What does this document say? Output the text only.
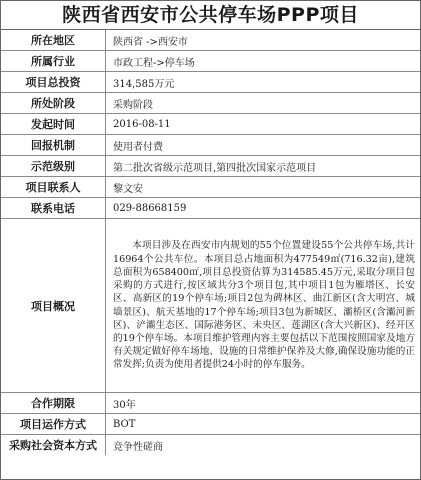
陕西省西安市公共停车场PPP项目
所在地区	陕西省 ->西安市
所属行业	市政工程->停车场
项目总投资	314,585万元
所处阶段	采购阶段
发起时间	2016-08-11
回报机制	使用者付费
示范级别	第二批次省级示范项目,第四批次国家示范项目
项目联系人	黎文安
联系电话	029-88668159
项目概况	本项目涉及在西安市内规划的55个位置建设55个公共停车场,共计16964个公共车位。本项目总占地面积为477549㎡(716.32亩),建筑总面积为658400㎡,项目总投资估算为314585.45万元,采取分项目包采购的方式进行,按区域共分3个项目包,其中项目1包为雁塔区、长安区、高新区的19个停车场;项目2包为碑林区、曲江新区(含大明宫、城墙景区)、航天基地的17个停车场;项目3包为新城区、灞桥区(含灞河新区)、浐灞生态区、国际港务区、未央区、莲湖区(含大兴新区)、经开区的19个停车场。本项目维护管理内容主要包括以下范围按照国家及地方有关规定做好停车场地、设施的日常维护保养及大修,确保设施功能的正常发挥;负责为使用者提供24小时的停车服务。

合作期限	30年
项目运作方式	BOT
采购社会资本方式	竞争性磋商
